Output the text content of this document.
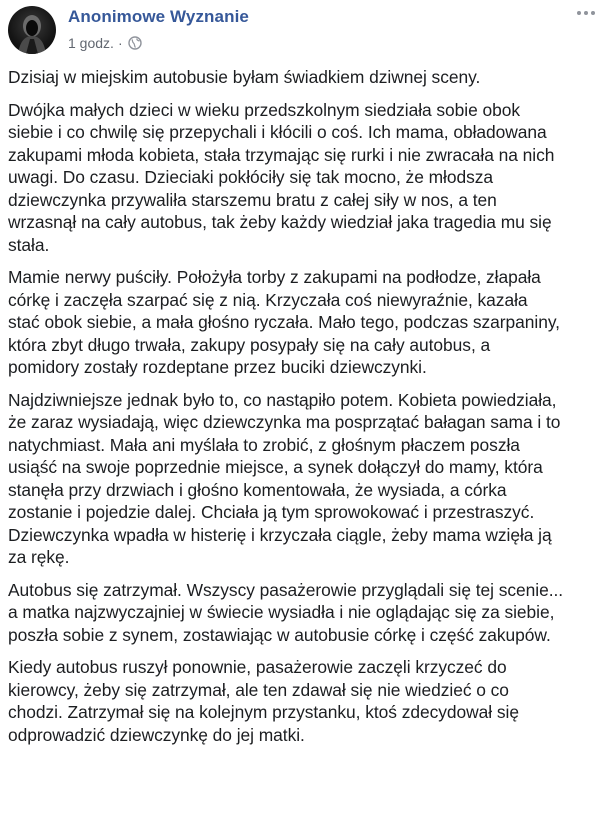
Anonimowe Wyznanie
1 godz. ·

Dzisiaj w miejskim autobusie byłam świadkiem dziwnej sceny.

Dwójka małych dzieci w wieku przedszkolnym siedziała sobie obok
siebie i co chwilę się przepychali i kłócili o coś. Ich mama, obładowana
zakupami młoda kobieta, stała trzymając się rurki i nie zwracała na nich
uwagi. Do czasu. Dzieciaki pokłóciły się tak mocno, że młodsza
dziewczynka przywaliła starszemu bratu z całej siły w nos, a ten
wrzasnął na cały autobus, tak żeby każdy wiedział jaka tragedia mu się
stała.

Mamie nerwy puściły. Położyła torby z zakupami na podłodze, złapała
córkę i zaczęła szarpać się z nią. Krzyczała coś niewyraźnie, kazała
stać obok siebie, a mała głośno ryczała. Mało tego, podczas szarpaniny,
która zbyt długo trwała, zakupy posypały się na cały autobus, a
pomidory zostały rozdeptane przez buciki dziewczynki.

Najdziwniejsze jednak było to, co nastąpiło potem. Kobieta powiedziała,
że zaraz wysiadają, więc dziewczynka ma posprzątać bałagan sama i to
natychmiast. Mała ani myślała to zrobić, z głośnym płaczem poszła
usiąść na swoje poprzednie miejsce, a synek dołączył do mamy, która
stanęła przy drzwiach i głośno komentowała, że wysiada, a córka
zostanie i pojedzie dalej. Chciała ją tym sprowokować i przestraszyć.
Dziewczynka wpadła w histerię i krzyczała ciągle, żeby mama wzięła ją
za rękę.

Autobus się zatrzymał. Wszyscy pasażerowie przyglądali się tej scenie...
a matka najzwyczajniej w świecie wysiadła i nie oglądając się za siebie,
poszła sobie z synem, zostawiając w autobusie córkę i część zakupów.

Kiedy autobus ruszył ponownie, pasażerowie zaczęli krzyczeć do
kierowcy, żeby się zatrzymał, ale ten zdawał się nie wiedzieć o co
chodzi. Zatrzymał się na kolejnym przystanku, ktoś zdecydował się
odprowadzić dziewczynkę do jej matki.
